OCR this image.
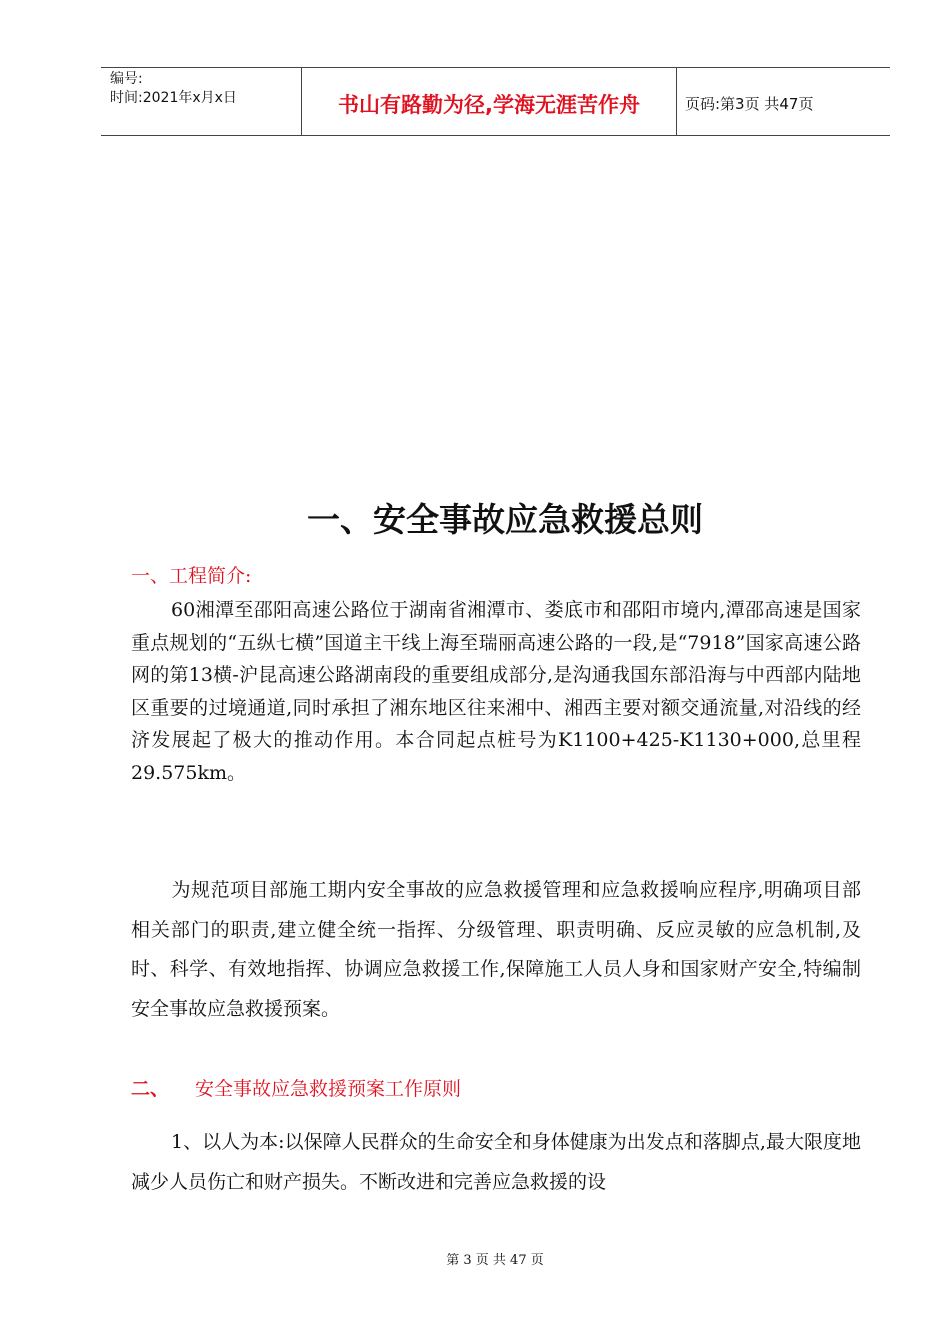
编号:
时间:2021年x月x日	书山有路勤为径,学海无涯苦作舟	页码:第3页 共47页
一、安全事故应急救援总则
一、工程简介:
60湘潭至邵阳高速公路位于湖南省湘潭市、娄底市和邵阳市境内,潭邵高速是国家重点规划的“五纵七横”国道主干线上海至瑞丽高速公路的一段,是“7918”国家高速公路网的第13横-沪昆高速公路湖南段的重要组成部分,是沟通我国东部沿海与中西部内陆地区重要的过境通道,同时承担了湘东地区往来湘中、湘西主要对额交通流量,对沿线的经济发展起了极大的推动作用。本合同起点桩号为K1100+425-K1130+000,总里程29.575km。
为规范项目部施工期内安全事故的应急救援管理和应急救援响应程序,明确项目部相关部门的职责,建立健全统一指挥、分级管理、职责明确、反应灵敏的应急机制,及时、科学、有效地指挥、协调应急救援工作,保障施工人员人身和国家财产安全,特编制安全事故应急救援预案。
二、 安全事故应急救援预案工作原则
1、以人为本:以保障人民群众的生命安全和身体健康为出发点和落脚点,最大限度地减少人员伤亡和财产损失。不断改进和完善应急救援的设
第 3 页 共 47 页
